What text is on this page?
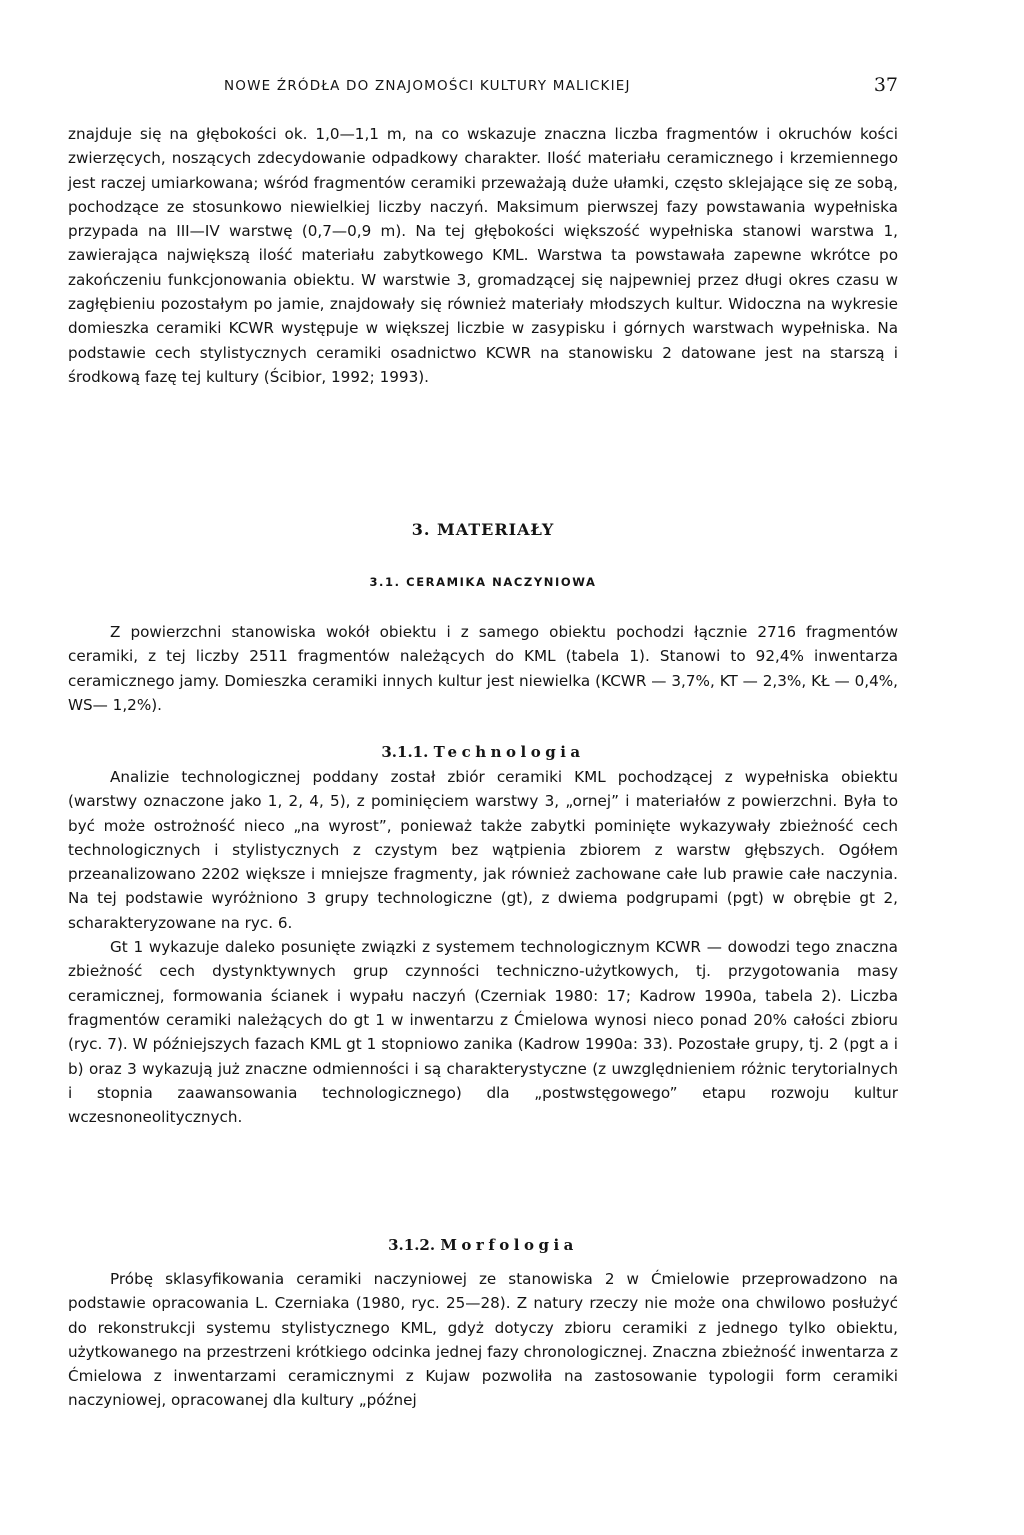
NOWE ŹRÓDŁA DO ZNAJOMOŚCI KULTURY MALICKIEJ	37

znajduje się na głębokości ok. 1,0—1,1 m, na co wskazuje znaczna liczba fragmentów i okruchów kości zwierzęcych, noszących zdecydowanie odpadkowy charakter. Ilość materiału ceramicznego i krzemiennego jest raczej umiarkowana; wśród fragmentów ceramiki przeważają duże ułamki, często sklejające się ze sobą, pochodzące ze stosunkowo niewielkiej liczby naczyń. Maksimum pierwszej fazy powstawania wypełniska przypada na III—IV warstwę (0,7—0,9 m). Na tej głębokości większość wypełniska stanowi warstwa 1, zawierająca największą ilość materiału zabytkowego KML. Warstwa ta powstawała zapewne wkrótce po zakończeniu funkcjonowania obiektu. W warstwie 3, gromadzącej się najpewniej przez długi okres czasu w zagłębieniu pozostałym po jamie, znajdowały się również materiały młodszych kultur. Widoczna na wykresie domieszka ceramiki KCWR występuje w większej liczbie w zasypisku i górnych warstwach wypełniska. Na podstawie cech stylistycznych ceramiki osadnictwo KCWR na stanowisku 2 datowane jest na starszą i środkową fazę tej kultury (Ścibior, 1992; 1993).

3. MATERIAŁY
3.1. CERAMIKA NACZYNIOWA

Z powierzchni stanowiska wokół obiektu i z samego obiektu pochodzi łącznie 2716 fragmentów ceramiki, z tej liczby 2511 fragmentów należących do KML (tabela 1). Stanowi to 92,4% inwentarza ceramicznego jamy. Domieszka ceramiki innych kultur jest niewielka (KCWR — 3,7%, KT — 2,3%, KŁ — 0,4%, WS— 1,2%).

3.1.1. Technologia

Analizie technologicznej poddany został zbiór ceramiki KML pochodzącej z wypełniska obiektu (warstwy oznaczone jako 1, 2, 4, 5), z pominięciem warstwy 3, „ornej” i materiałów z powierzchni. Była to być może ostrożność nieco „na wyrost”, ponieważ także zabytki pominięte wykazywały zbieżność cech technologicznych i stylistycznych z czystym bez wątpienia zbiorem z warstw głębszych. Ogółem przeanalizowano 2202 większe i mniejsze fragmenty, jak również zachowane całe lub prawie całe naczynia. Na tej podstawie wyróżniono 3 grupy technologiczne (gt), z dwiema podgrupami (pgt) w obrębie gt 2, scharakteryzowane na ryc. 6.

Gt 1 wykazuje daleko posunięte związki z systemem technologicznym KCWR — dowodzi tego znaczna zbieżność cech dystynktywnych grup czynności techniczno-użytkowych, tj. przygotowania masy ceramicznej, formowania ścianek i wypału naczyń (Czerniak 1980: 17; Kadrow 1990a, tabela 2). Liczba fragmentów ceramiki należących do gt 1 w inwentarzu z Ćmielowa wynosi nieco ponad 20% całości zbioru (ryc. 7). W późniejszych fazach KML gt 1 stopniowo zanika (Kadrow 1990a: 33). Pozostałe grupy, tj. 2 (pgt a i b) oraz 3 wykazują już znaczne odmienności i są charakterystyczne (z uwzględnieniem różnic terytorialnych i stopnia zaawansowania technologicznego) dla „postwstęgowego” etapu rozwoju kultur wczesnoneolitycznych.

3.1.2. Morfologia

Próbę sklasyfikowania ceramiki naczyniowej ze stanowiska 2 w Ćmielowie przeprowadzono na podstawie opracowania L. Czerniaka (1980, ryc. 25—28). Z natury rzeczy nie może ona chwilowo posłużyć do rekonstrukcji systemu stylistycznego KML, gdyż dotyczy zbioru ceramiki z jednego tylko obiektu, użytkowanego na przestrzeni krótkiego odcinka jednej fazy chronologicznej. Znaczna zbieżność inwentarza z Ćmielowa z inwentarzami ceramicznymi z Kujaw pozwoliła na zastosowanie typologii form ceramiki naczyniowej, opracowanej dla kultury „późnej
